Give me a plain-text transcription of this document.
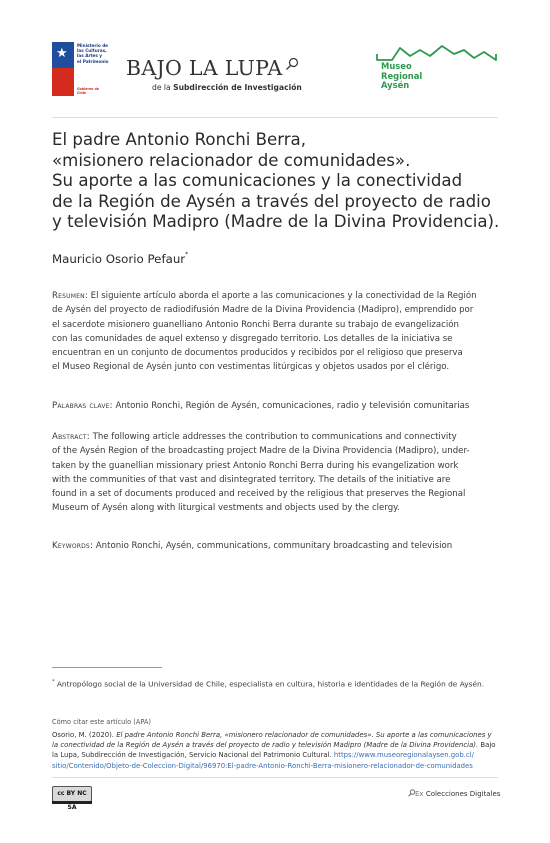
★
Ministerio de
las Culturas,
las Artes y
el Patrimonio
Gobierno de Chile
BAJO LA LUPA
de la Subdirección de Investigación
Museo
Regional
Aysén
El padre Antonio Ronchi Berra,
«misionero relacionador de comunidades».
Su aporte a las comunicaciones y la conectividad
de la Región de Aysén a través del proyecto de radio
y televisión Madipro (Madre de la Divina Providencia).
Mauricio Osorio Pefaur*
Resumen: El siguiente artículo aborda el aporte a las comunicaciones y la conectividad de la Región
de Aysén del proyecto de radiodifusión Madre de la Divina Providencia (Madipro), emprendido por
el sacerdote misionero guanelliano Antonio Ronchi Berra durante su trabajo de evangelización
con las comunidades de aquel extenso y disgregado territorio. Los detalles de la iniciativa se
encuentran en un conjunto de documentos producidos y recibidos por el religioso que preserva
el Museo Regional de Aysén junto con vestimentas litúrgicas y objetos usados por el clérigo.
Palabras clave: Antonio Ronchi, Región de Aysén, comunicaciones, radio y televisión comunitarias
Abstract: The following article addresses the contribution to communications and connectivity
of the Aysén Region of the broadcasting project Madre de la Divina Providencia (Madipro), under-
taken by the guanellian missionary priest Antonio Ronchi Berra during his evangelization work
with the communities of that vast and disintegrated territory. The details of the initiative are
found in a set of documents produced and received by the religious that preserves the Regional
Museum of Aysén along with liturgical vestments and objects used by the clergy.
Keywords: Antonio Ronchi, Aysén, communications, communitary broadcasting and television
* Antropólogo social de la Universidad de Chile, especialista en cultura, historia e identidades de la Región de Aysén.
Cómo citar este artículo (APA)
Osorio, M. (2020). El padre Antonio Ronchi Berra, «misionero relacionador de comunidades». Su aporte a las comunicaciones y
la conectividad de la Región de Aysén a través del proyecto de radio y televisión Madipro (Madre de la Divina Providencia). Bajo
la Lupa, Subdirección de Investigación, Servicio Nacional del Patrimonio Cultural. https://www.museoregionalaysen.gob.cl/
sitio/Contenido/Objeto-de-Coleccion-Digital/96970:El-padre-Antonio-Ronchi-Berra-misionero-relacionador-de-comunidades
cc BY NC SA
Ex Colecciones Digitales
